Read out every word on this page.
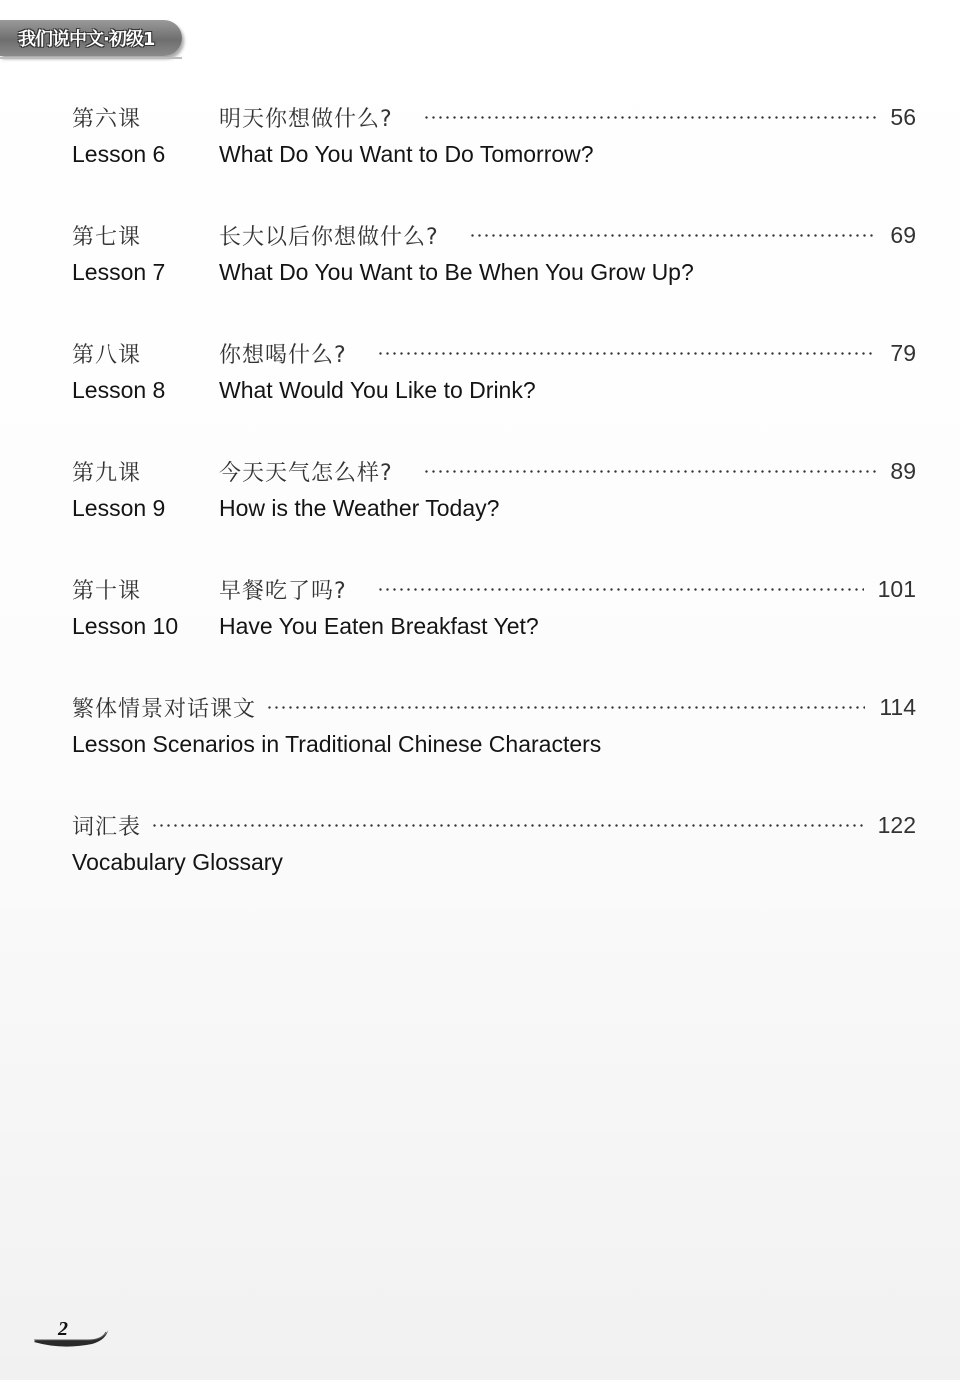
我们说中文·初级1
第六课	明天你想做什么?	56
Lesson 6	What Do You Want to Do Tomorrow?
第七课	长大以后你想做什么?	69
Lesson 7	What Do You Want to Be When You Grow Up?
第八课	你想喝什么?	79
Lesson 8	What Would You Like to Drink?
第九课	今天天气怎么样?	89
Lesson 9	How is the Weather Today?
第十课	早餐吃了吗?	101
Lesson 10	Have You Eaten Breakfast Yet?
繁体情景对话课文	114
Lesson Scenarios in Traditional Chinese Characters
词汇表	122
Vocabulary Glossary
2
